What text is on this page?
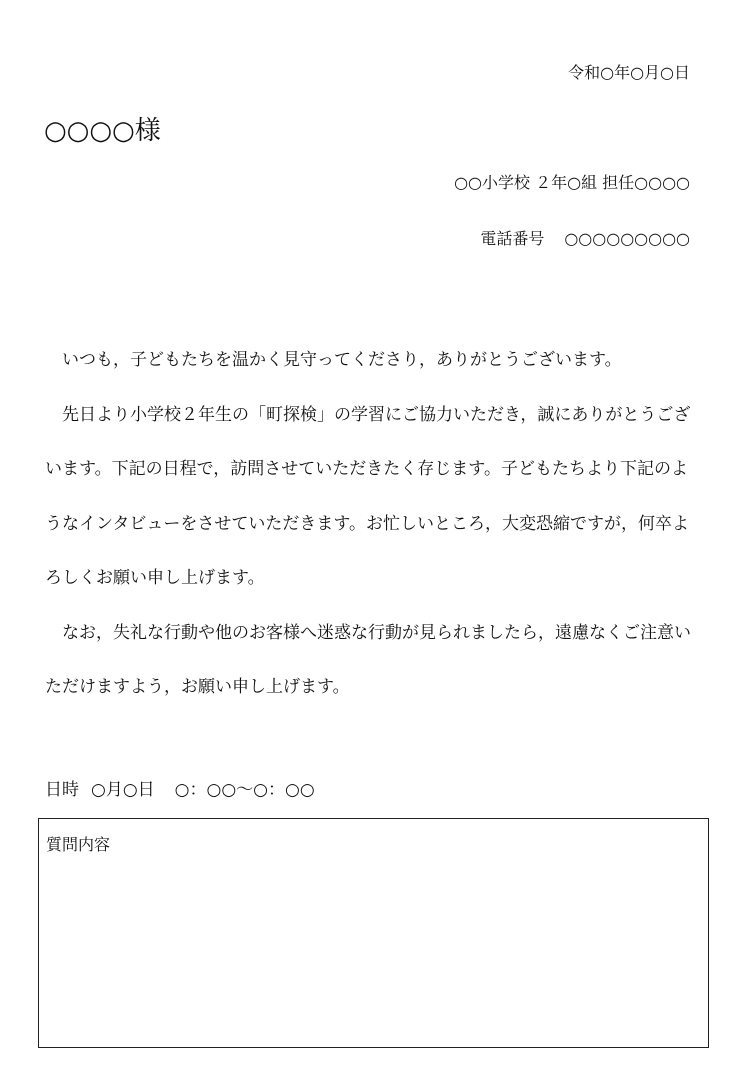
令和○年○月○日
○○○○様
○○小学校 ２年○組 担任○○○○
電話番号 ○○○○○○○○○

いつも，子どもたちを温かく見守ってくださり，ありがとうございます。

先日より小学校２年生の「町探検」の学習にご協力いただき，誠にありがとうございます。下記の日程で，訪問させていただきたく存じます。子どもたちより下記のようなインタビューをさせていただきます。お忙しいところ，大変恐縮ですが，何卒よろしくお願い申し上げます。

なお，失礼な行動や他のお客様へ迷惑な行動が見られましたら，遠慮なくご注意いただけますよう，お願い申し上げます。

日時 ○月○日 ○：○○〜○：○○
質問内容
